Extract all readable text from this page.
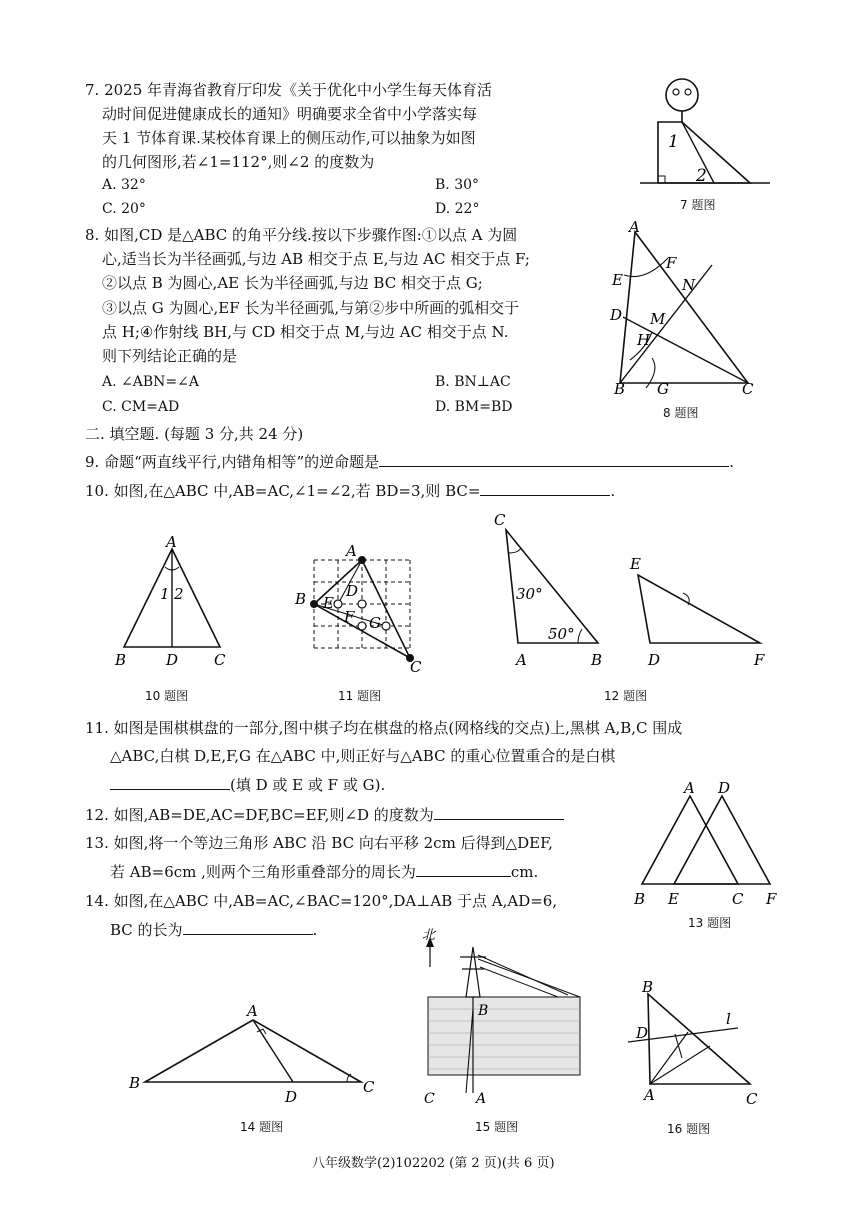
7. 2025 年青海省教育厅印发《关于优化中小学生每天体育活
动时间促进健康成长的通知》明确要求全省中小学落实每
天 1 节体育课.某校体育课上的侧压动作,可以抽象为如图
的几何图形,若∠1=112°,则∠2 的度数为
A. 32°	B. 30°
C. 20°	D. 22°
1
2
7 题图
8. 如图,CD 是△ABC 的角平分线.按以下步骤作图:①以点 A 为圆
心,适当长为半径画弧,与边 AB 相交于点 E,与边 AC 相交于点 F;
②以点 B 为圆心,AE 长为半径画弧,与边 BC 相交于点 G;
③以点 G 为圆心,EF 长为半径画弧,与第②步中所画的弧相交于
点 H;④作射线 BH,与 CD 相交于点 M,与边 AC 相交于点 N.
则下列结论正确的是
A. ∠ABN=∠A	B. BN⊥AC
C. CM=AD	D. BM=BD
A
F
E	N
D M
H
B G	C
8 题图
二. 填空题. (每题 3 分,共 24 分)
9. 命题“两直线平行,内错角相等”的逆命题是	.
10. 如图,在△ABC 中,AB=AC,∠1=∠2,若 BD=3,则 BC=	.
A
1 2
B	D C
10 题图
A
B	D
E
F G
C
11 题图
C
30°
50°
A	B
E
D	F
12 题图
11. 如图是围棋棋盘的一部分,图中棋子均在棋盘的格点(网格线的交点)上,黑棋 A,B,C 围成
△ABC,白棋 D,E,F,G 在△ABC 中,则正好与△ABC 的重心位置重合的是白棋
(填 D 或 E 或 F 或 G).
12. 如图,AB=DE,AC=DF,BC=EF,则∠D 的度数为
13. 如图,将一个等边三角形 ABC 沿 BC 向右平移 2cm 后得到△DEF,
若 AB=6cm ,则两个三角形重叠部分的周长为	cm.
A D
B E	C F
13 题图
14. 如图,在△ABC 中,AB=AC,∠BAC=120°,DA⊥AB 于点 A,AD=6,
BC 的长为	.
A
B
D
C
14 题图
北
B
C	A
15 题图
B
D
l
A	C
16 题图
八年级数学(2)102202 (第 2 页)(共 6 页)
